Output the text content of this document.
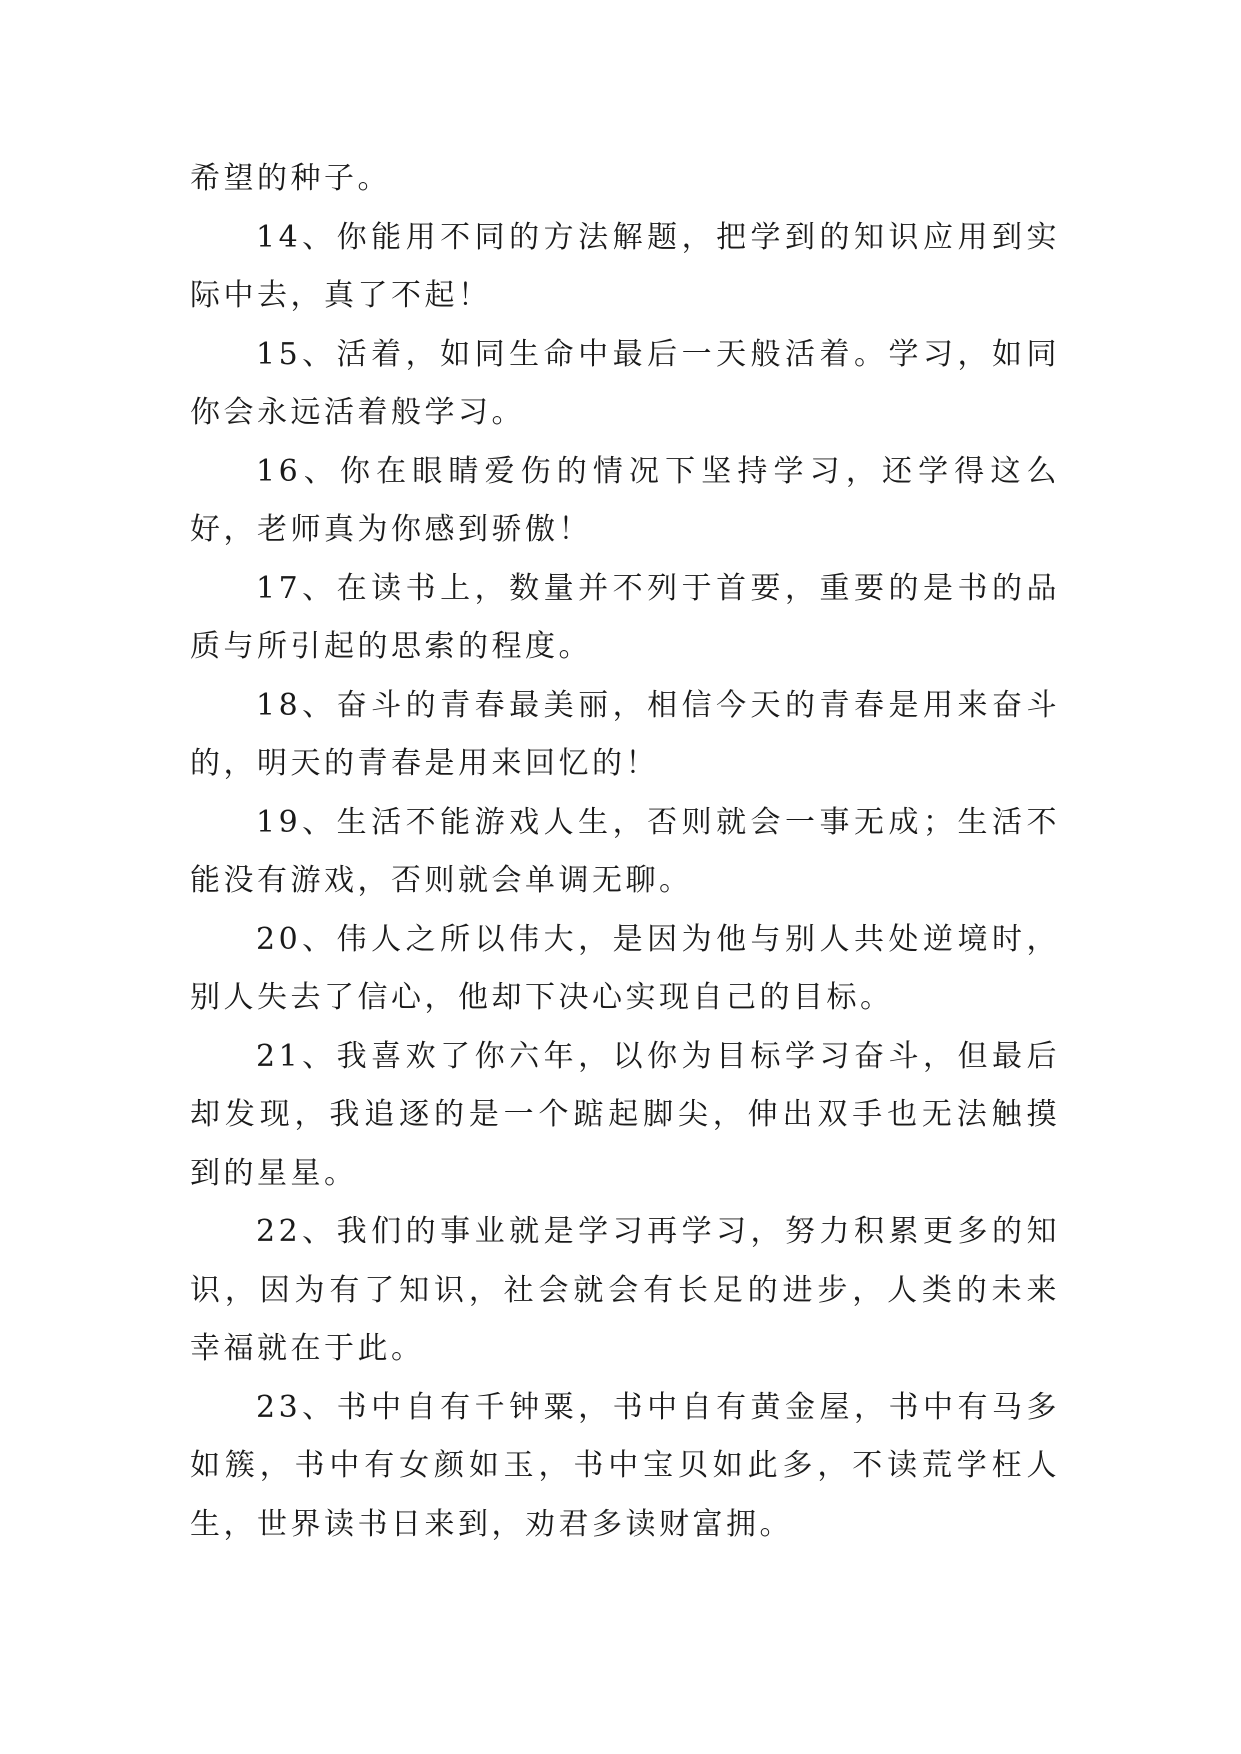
希望的种子。

14、你能用不同的方法解题，把学到的知识应用到实际中去，真了不起！

15、活着，如同生命中最后一天般活着。学习，如同你会永远活着般学习。

16、你在眼睛爱伤的情况下坚持学习，还学得这么好，老师真为你感到骄傲！

17、在读书上，数量并不列于首要，重要的是书的品质与所引起的思索的程度。

18、奋斗的青春最美丽，相信今天的青春是用来奋斗的，明天的青春是用来回忆的！

19、生活不能游戏人生，否则就会一事无成；生活不能没有游戏，否则就会单调无聊。

20、伟人之所以伟大，是因为他与别人共处逆境时，别人失去了信心，他却下决心实现自己的目标。

21、我喜欢了你六年，以你为目标学习奋斗，但最后却发现，我追逐的是一个踮起脚尖，伸出双手也无法触摸到的星星。

22、我们的事业就是学习再学习，努力积累更多的知识，因为有了知识，社会就会有长足的进步，人类的未来幸福就在于此。

23、书中自有千钟粟，书中自有黄金屋，书中有马多如簇，书中有女颜如玉，书中宝贝如此多，不读荒学枉人生，世界读书日来到，劝君多读财富拥。
